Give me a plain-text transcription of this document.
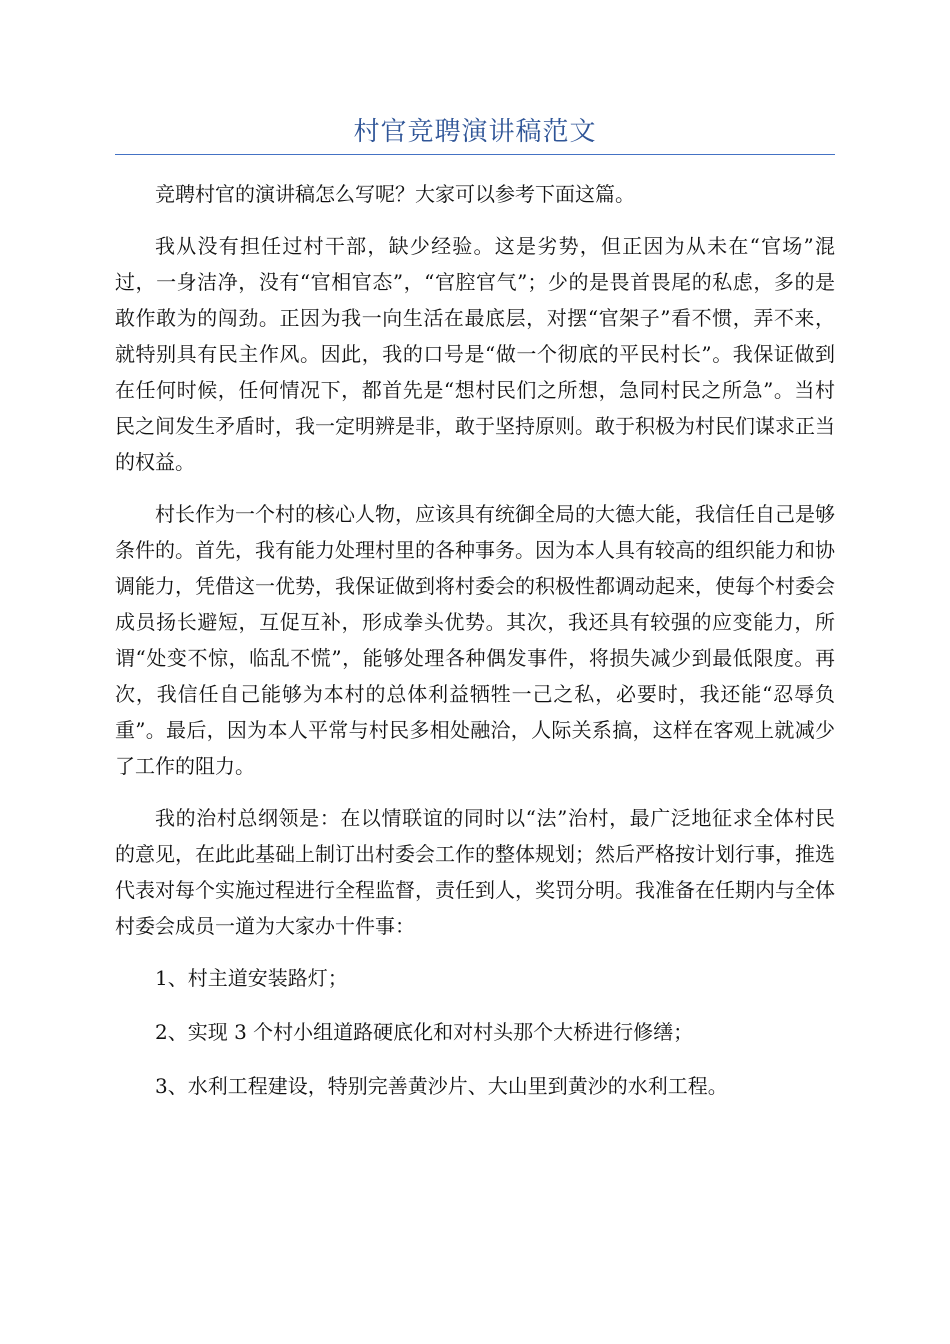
村官竞聘演讲稿范文

竞聘村官的演讲稿怎么写呢？大家可以参考下面这篇。

我从没有担任过村干部，缺少经验。这是劣势，但正因为从未在“官场”混过，一身洁净，没有“官相官态”，“官腔官气”；少的是畏首畏尾的私虑，多的是敢作敢为的闯劲。正因为我一向生活在最底层，对摆“官架子”看不惯，弄不来，就特别具有民主作风。因此，我的口号是“做一个彻底的平民村长”。我保证做到在任何时候，任何情况下，都首先是“想村民们之所想，急同村民之所急”。当村民之间发生矛盾时，我一定明辨是非，敢于坚持原则。敢于积极为村民们谋求正当的权益。

村长作为一个村的核心人物，应该具有统御全局的大德大能，我信任自己是够条件的。首先，我有能力处理村里的各种事务。因为本人具有较高的组织能力和协调能力，凭借这一优势，我保证做到将村委会的积极性都调动起来，使每个村委会成员扬长避短，互促互补，形成拳头优势。其次，我还具有较强的应变能力，所谓“处变不惊，临乱不慌”，能够处理各种偶发事件，将损失减少到最低限度。再次，我信任自己能够为本村的总体利益牺牲一己之私，必要时，我还能“忍辱负重”。最后，因为本人平常与村民多相处融洽，人际关系搞，这样在客观上就减少了工作的阻力。

我的治村总纲领是：在以情联谊的同时以“法”治村，最广泛地征求全体村民的意见，在此此基础上制订出村委会工作的整体规划；然后严格按计划行事，推选代表对每个实施过程进行全程监督，责任到人，奖罚分明。我准备在任期内与全体村委会成员一道为大家办十件事：

1、村主道安装路灯；

2、实现 3 个村小组道路硬底化和对村头那个大桥进行修缮；

3、水利工程建设，特别完善黄沙片、大山里到黄沙的水利工程。
